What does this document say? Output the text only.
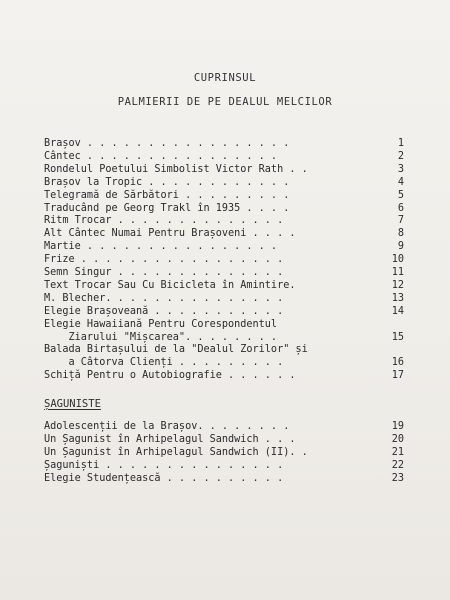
CUPRINSUL
PALMIERII DE PE DEALUL MELCILOR
Brașov . . . . . . . . . . . . . . . . .	1
Cântec . . . . . . . . . . . . . . . .	2
Rondelul Poetului Simbolist Victor Rath . .	3
Brașov la Tropic . . . . . . . . . . . .	4
Telegramă de Sărbători . . . . . . . . .	5
Traducând pe Georg Trakl în 1935 . . . .	6
Ritm Trocar . . . . . . . . . . . . . .	7
Alt Cântec Numai Pentru Brașoveni . . . .	8
Martie . . . . . . . . . . . . . . . .	9
Frize . . . . . . . . . . . . . . . . .	10
Semn Singur . . . . . . . . . . . . . .	11
Text Trocar Sau Cu Bicicleta în Amintire.	12
M. Blecher. . . . . . . . . . . . . . .	13
Elegie Brașoveană . . . . . . . . . . .	14
Elegie Hawaiiană Pentru Corespondentul
Ziarului "Mișcarea". . . . . . . .	15
Balada Birtașului de la "Dealul Zorilor" și
a Câtorva Clienți . . . . . . . . .	16
Schiță Pentru o Autobiografie . . . . . .	17
ȘAGUNISTE
Adolescenții de la Brașov. . . . . . . .	19
Un Șagunist în Arhipelagul Sandwich . . .	20
Un Șagunist în Arhipelagul Sandwich (II). .	21
Șaguniști . . . . . . . . . . . . . . .	22
Elegie Studențească . . . . . . . . . .	23
